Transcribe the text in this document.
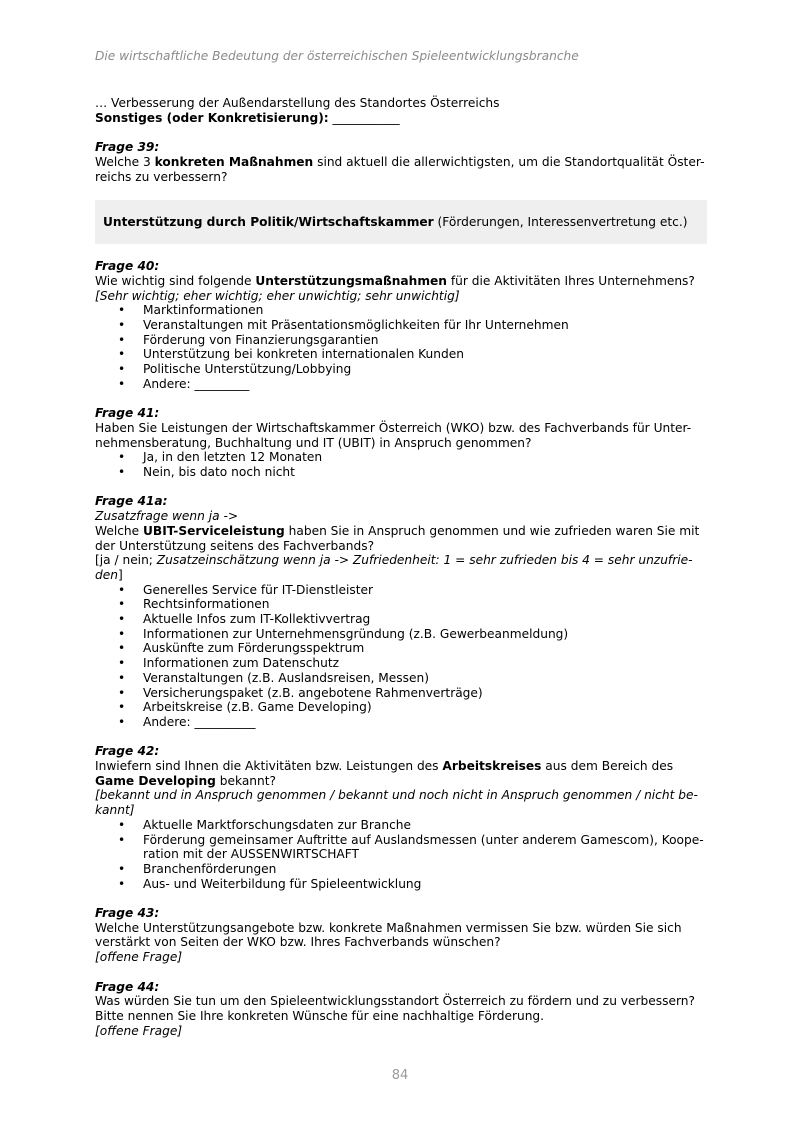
Die wirtschaftliche Bedeutung der österreichischen Spieleentwicklungsbranche

… Verbesserung der Außendarstellung des Standortes Österreichs

Sonstiges (oder Konkretisierung): ___________

Frage 39:

Welche 3 konkreten Maßnahmen sind aktuell die allerwichtigsten, um die Standortqualität Öster-

reichs zu verbessern?

Unterstützung durch Politik/Wirtschaftskammer (Förderungen, Interessenvertretung etc.)

Frage 40:

Wie wichtig sind folgende Unterstützungsmaßnahmen für die Aktivitäten Ihres Unternehmens?

[Sehr wichtig; eher wichtig; eher unwichtig; sehr unwichtig]

• Marktinformationen
• Veranstaltungen mit Präsentationsmöglichkeiten für Ihr Unternehmen
• Förderung von Finanzierungsgarantien
• Unterstützung bei konkreten internationalen Kunden
• Politische Unterstützung/Lobbying
• Andere: _________

Frage 41:

Haben Sie Leistungen der Wirtschaftskammer Österreich (WKO) bzw. des Fachverbands für Unter-

nehmensberatung, Buchhaltung und IT (UBIT) in Anspruch genommen?

• Ja, in den letzten 12 Monaten
• Nein, bis dato noch nicht

Frage 41a:

Zusatzfrage wenn ja ->

Welche UBIT-Serviceleistung haben Sie in Anspruch genommen und wie zufrieden waren Sie mit

der Unterstützung seitens des Fachverbands?

[ja / nein; Zusatzeinschätzung wenn ja -> Zufriedenheit: 1 = sehr zufrieden bis 4 = sehr unzufrie-

den]

• Generelles Service für IT-Dienstleister
• Rechtsinformationen
• Aktuelle Infos zum IT-Kollektivvertrag
• Informationen zur Unternehmensgründung (z.B. Gewerbeanmeldung)
• Auskünfte zum Förderungsspektrum
• Informationen zum Datenschutz
• Veranstaltungen (z.B. Auslandsreisen, Messen)
• Versicherungspaket (z.B. angebotene Rahmenverträge)
• Arbeitskreise (z.B. Game Developing)
• Andere: __________

Frage 42:

Inwiefern sind Ihnen die Aktivitäten bzw. Leistungen des Arbeitskreises aus dem Bereich des

Game Developing bekannt?

[bekannt und in Anspruch genommen / bekannt und noch nicht in Anspruch genommen / nicht be-

kannt]

• Aktuelle Marktforschungsdaten zur Branche
• Förderung gemeinsamer Auftritte auf Auslandsmessen (unter anderem Gamescom), Koope-
ration mit der AUSSENWIRTSCHAFT
• Branchenförderungen
• Aus- und Weiterbildung für Spieleentwicklung

Frage 43:

Welche Unterstützungsangebote bzw. konkrete Maßnahmen vermissen Sie bzw. würden Sie sich

verstärkt von Seiten der WKO bzw. Ihres Fachverbands wünschen?

[offene Frage]

Frage 44:

Was würden Sie tun um den Spieleentwicklungsstandort Österreich zu fördern und zu verbessern?

Bitte nennen Sie Ihre konkreten Wünsche für eine nachhaltige Förderung.

[offene Frage]

84
